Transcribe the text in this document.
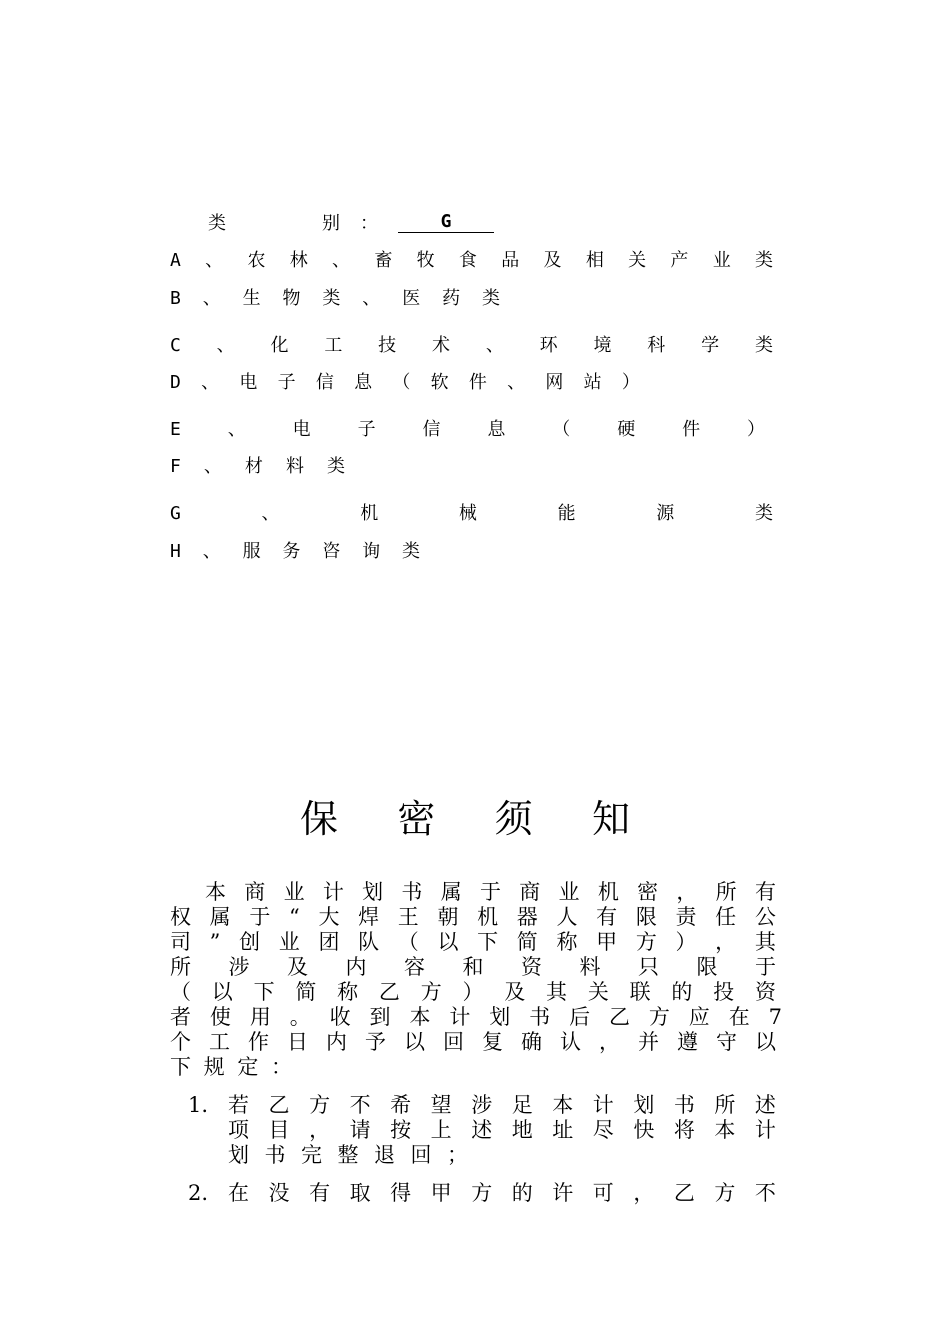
类	别 ：	G
A 、 农 林 、 畜 牧 食 品 及 相 关 产 业 类
B 、 生 物 类 、 医 药 类
C 、 化 工 技 术 、 环 境 科 学 类
D 、 电 子 信 息 （ 软 件 、 网 站 ）
E	、	电	子	信	息	（	硬	件	）
F 、 材 料 类
G	、	机	械	能	源	类
H 、 服 务 咨 询 类
保 密 须 知
本 商 业 计 划 书 属 于 商 业 机 密 ， 所 有
权 属 于 “ 大 焊 王 朝 机 器 人 有 限 责 任 公
司 ” 创 业 团 队 （ 以 下 简 称 甲 方 ） ， 其
所 涉 及 内 容 和 资 料 只 限 于
（ 以 下 简 称 乙 方 ） 及 其 关 联 的 投 资
者 使 用 。 收 到 本 计 划 书 后 乙 方 应 在 7
个 工 作 日 内 予 以 回 复 确 认 ， 并 遵 守 以
下 规 定 ：
1. 若 乙 方 不 希 望 涉 足 本 计 划 书 所 述
项 目 ， 请 按 上 述 地 址 尽 快 将 本 计
划 书 完 整 退 回 ；
2. 在 没 有 取 得 甲 方 的 许 可 ， 乙 方 不
